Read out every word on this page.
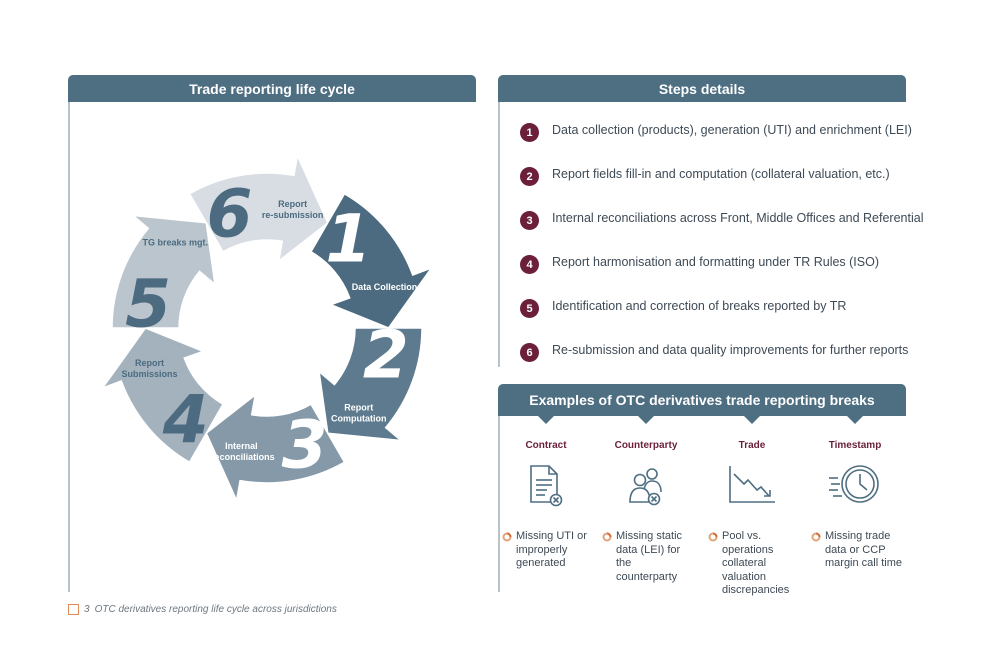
Trade reporting life cycle
1
Data Collection
2
Report Computation
3
Internal Reconciliations
4
Report Submissions
5
TG breaks mgt.
6	Report re-submission
Steps details
1	Data collection (products), generation (UTI) and enrichment (LEI)
2	Report fields fill-in and computation (collateral valuation, etc.)
3	Internal reconciliations across Front, Middle Offices and Referential
4	Report harmonisation and formatting under TR Rules (ISO)
5	Identification and correction of breaks reported by TR
6	Re-submission and data quality improvements for further reports
Examples of OTC derivatives trade reporting breaks
Contract
Missing UTI or improperly generated
Counterparty
Missing static data (LEI) for the counterparty
Trade
Pool vs. operations collateral valuation discrepancies
Timestamp
Missing trade data or CCP margin call time
3 OTC derivatives reporting life cycle across jurisdictions
